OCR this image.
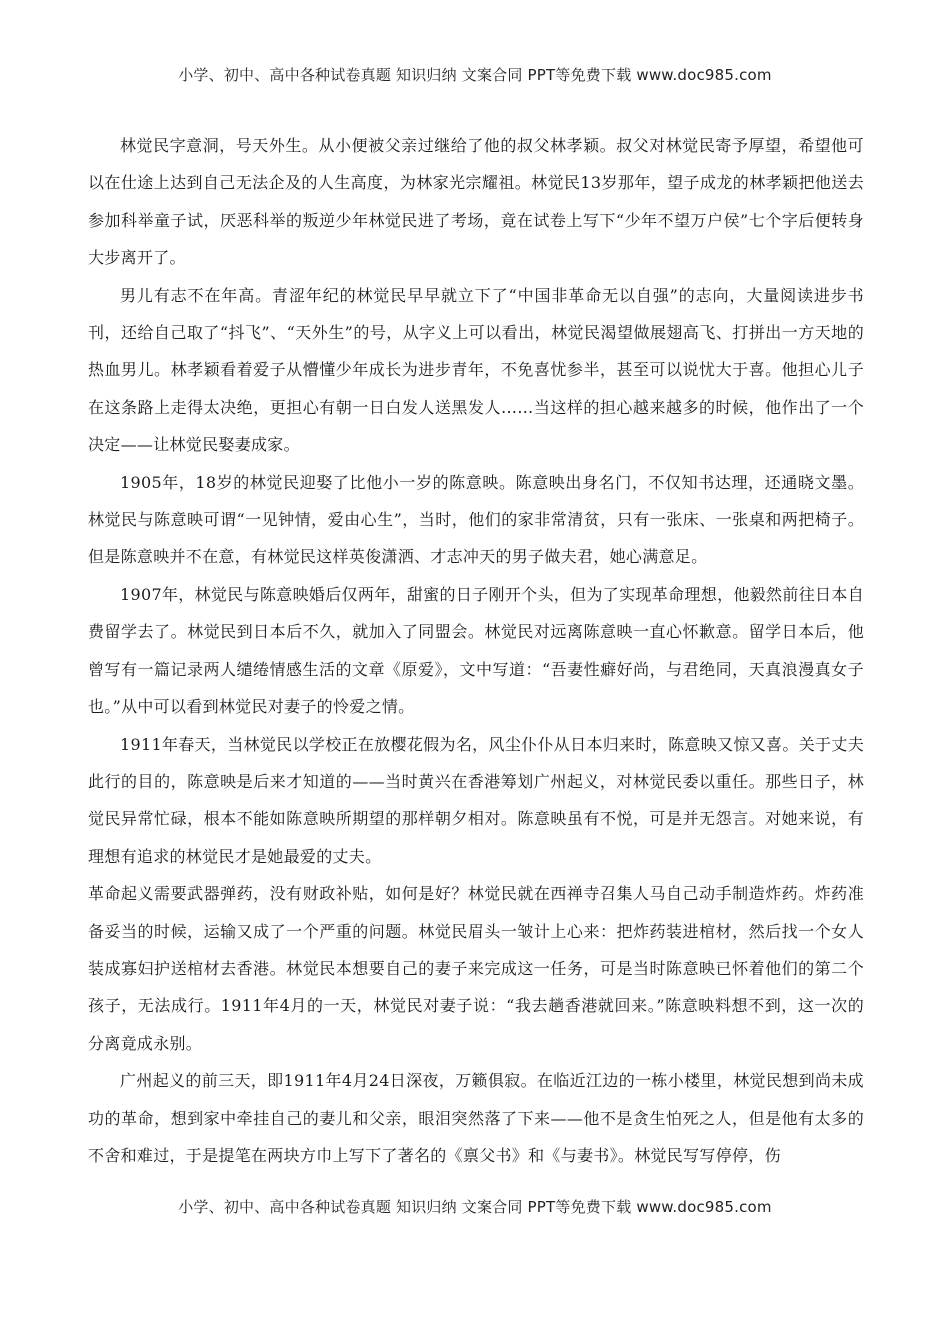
小学、初中、高中各种试卷真题 知识归纳 文案合同 PPT等免费下载 www.doc985.com

林觉民字意洞，号天外生。从小便被父亲过继给了他的叔父林孝颖。叔父对林觉民寄予厚望，希望他可以在仕途上达到自己无法企及的人生高度，为林家光宗耀祖。林觉民13岁那年，望子成龙的林孝颖把他送去参加科举童子试，厌恶科举的叛逆少年林觉民进了考场，竟在试卷上写下“少年不望万户侯”七个字后便转身大步离开了。

男儿有志不在年高。青涩年纪的林觉民早早就立下了“中国非革命无以自强”的志向，大量阅读进步书刊，还给自己取了“抖飞”、“天外生”的号，从字义上可以看出，林觉民渴望做展翅高飞、打拼出一方天地的热血男儿。林孝颖看着爱子从懵懂少年成长为进步青年，不免喜忧参半，甚至可以说忧大于喜。他担心儿子在这条路上走得太决绝，更担心有朝一日白发人送黑发人……当这样的担心越来越多的时候，他作出了一个决定——让林觉民娶妻成家。

1905年，18岁的林觉民迎娶了比他小一岁的陈意映。陈意映出身名门，不仅知书达理，还通晓文墨。林觉民与陈意映可谓“一见钟情，爱由心生”，当时，他们的家非常清贫，只有一张床、一张桌和两把椅子。但是陈意映并不在意，有林觉民这样英俊潇洒、才志冲天的男子做夫君，她心满意足。

1907年，林觉民与陈意映婚后仅两年，甜蜜的日子刚开个头，但为了实现革命理想，他毅然前往日本自费留学去了。林觉民到日本后不久，就加入了同盟会。林觉民对远离陈意映一直心怀歉意。留学日本后，他曾写有一篇记录两人缱绻情感生活的文章《原爱》，文中写道：“吾妻性癖好尚，与君绝同，天真浪漫真女子也。”从中可以看到林觉民对妻子的怜爱之情。

1911年春天，当林觉民以学校正在放樱花假为名，风尘仆仆从日本归来时，陈意映又惊又喜。关于丈夫此行的目的，陈意映是后来才知道的——当时黄兴在香港筹划广州起义，对林觉民委以重任。那些日子，林觉民异常忙碌，根本不能如陈意映所期望的那样朝夕相对。陈意映虽有不悦，可是并无怨言。对她来说，有理想有追求的林觉民才是她最爱的丈夫。

革命起义需要武器弹药，没有财政补贴，如何是好？林觉民就在西禅寺召集人马自己动手制造炸药。炸药准备妥当的时候，运输又成了一个严重的问题。林觉民眉头一皱计上心来：把炸药装进棺材，然后找一个女人装成寡妇护送棺材去香港。林觉民本想要自己的妻子来完成这一任务，可是当时陈意映已怀着他们的第二个孩子，无法成行。1911年4月的一天，林觉民对妻子说：“我去趟香港就回来。”陈意映料想不到，这一次的分离竟成永别。

广州起义的前三天，即1911年4月24日深夜，万籁俱寂。在临近江边的一栋小楼里，林觉民想到尚未成功的革命，想到家中牵挂自己的妻儿和父亲，眼泪突然落了下来——他不是贪生怕死之人，但是他有太多的不舍和难过，于是提笔在两块方巾上写下了著名的《禀父书》和《与妻书》。林觉民写写停停，伤

小学、初中、高中各种试卷真题 知识归纳 文案合同 PPT等免费下载 www.doc985.com
